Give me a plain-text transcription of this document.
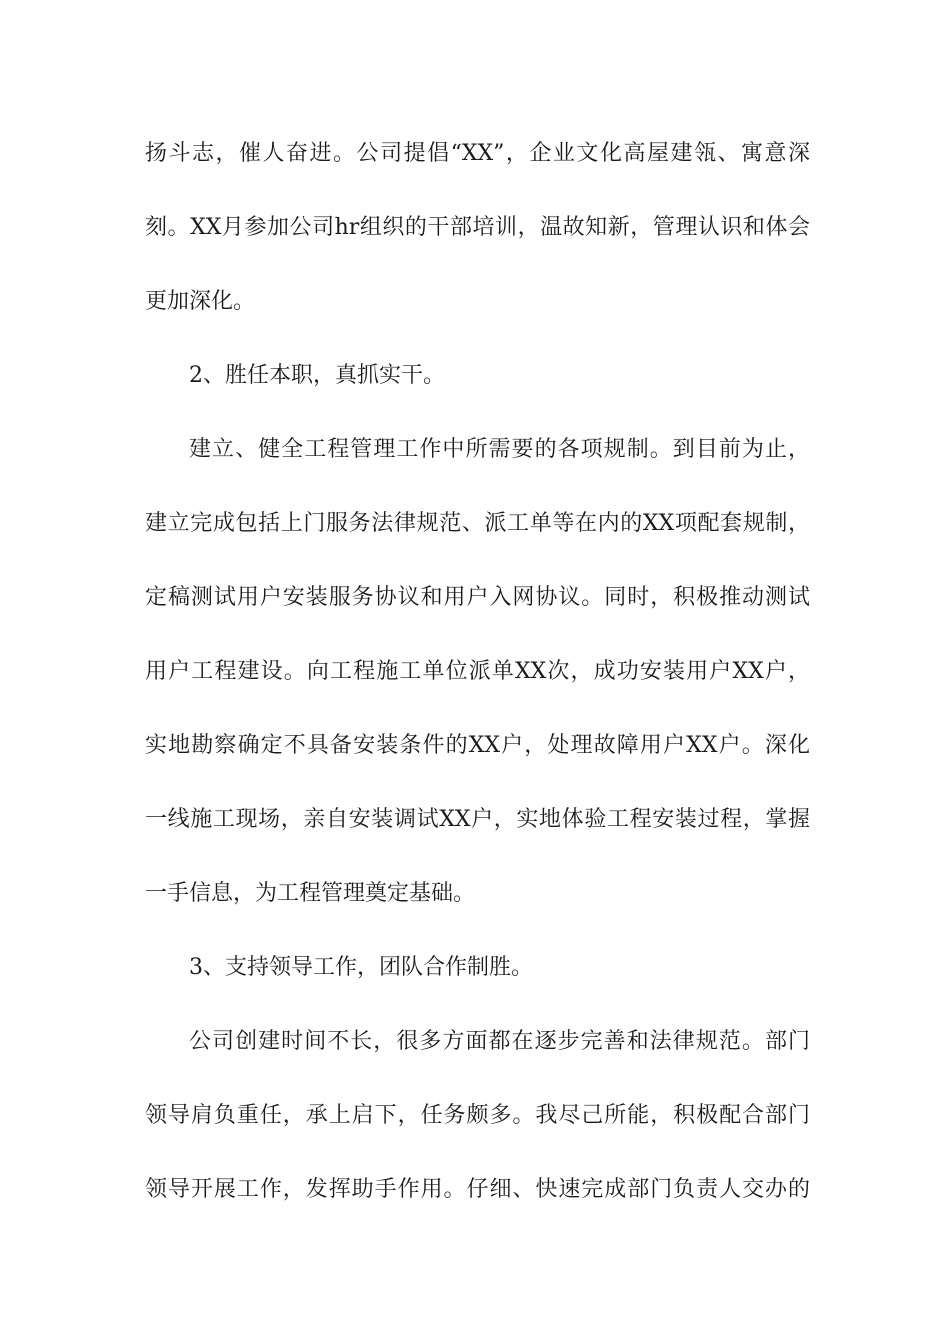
扬斗志，催人奋进。公司提倡“XX”，企业文化高屋建瓴、寓意深
刻。XX月参加公司hr组织的干部培训，温故知新，管理认识和体会
更加深化。
2、胜任本职，真抓实干。
建立、健全工程管理工作中所需要的各项规制。到目前为止，
建立完成包括上门服务法律规范、派工单等在内的XX项配套规制，
定稿测试用户安装服务协议和用户入网协议。同时，积极推动测试
用户工程建设。向工程施工单位派单XX次，成功安装用户XX户，
实地勘察确定不具备安装条件的XX户，处理故障用户XX户。深化
一线施工现场，亲自安装调试XX户，实地体验工程安装过程，掌握
一手信息，为工程管理奠定基础。
3、支持领导工作，团队合作制胜。
公司创建时间不长，很多方面都在逐步完善和法律规范。部门
领导肩负重任，承上启下，任务颇多。我尽己所能，积极配合部门
领导开展工作，发挥助手作用。仔细、快速完成部门负责人交办的
